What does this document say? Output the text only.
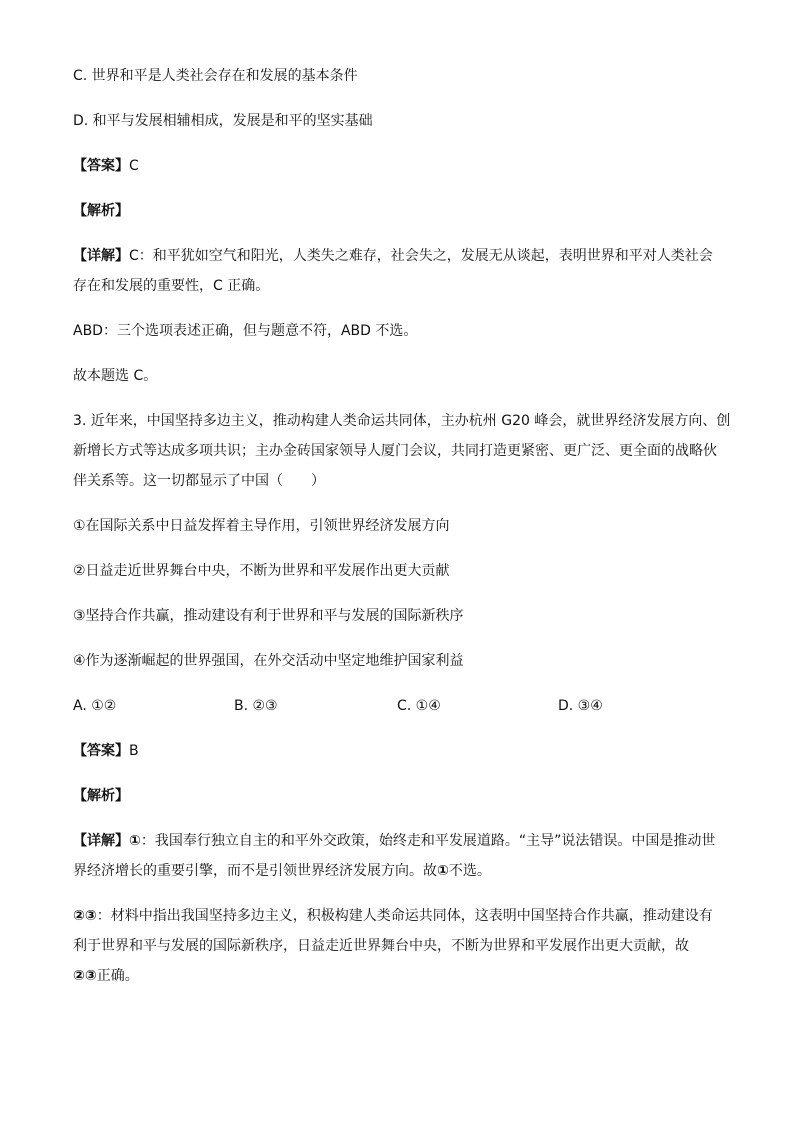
C. 世界和平是人类社会存在和发展的基本条件
D. 和平与发展相辅相成，发展是和平的坚实基础
【答案】C
【解析】
【详解】C：和平犹如空气和阳光，人类失之难存，社会失之，发展无从谈起，表明世界和平对人类社会
存在和发展的重要性，C 正确。
ABD：三个选项表述正确，但与题意不符，ABD 不选。
故本题选 C。
3. 近年来，中国坚持多边主义，推动构建人类命运共同体，主办杭州 G20 峰会，就世界经济发展方向、创
新增长方式等达成多项共识；主办金砖国家领导人厦门会议，共同打造更紧密、更广泛、更全面的战略伙
伴关系等。这一切都显示了中国（　　）
①在国际关系中日益发挥着主导作用，引领世界经济发展方向
②日益走近世界舞台中央，不断为世界和平发展作出更大贡献
③坚持合作共赢，推动建设有利于世界和平与发展的国际新秩序
④作为逐渐崛起的世界强国，在外交活动中坚定地维护国家利益
A. ①②	B. ②③	C. ①④	D. ③④
【答案】B
【解析】
【详解】①：我国奉行独立自主的和平外交政策，始终走和平发展道路。“主导”说法错误。中国是推动世
界经济增长的重要引擎，而不是引领世界经济发展方向。故①不选。
②③：材料中指出我国坚持多边主义，积极构建人类命运共同体，这表明中国坚持合作共赢，推动建设有
利于世界和平与发展的国际新秩序，日益走近世界舞台中央，不断为世界和平发展作出更大贡献，故
②③正确。
